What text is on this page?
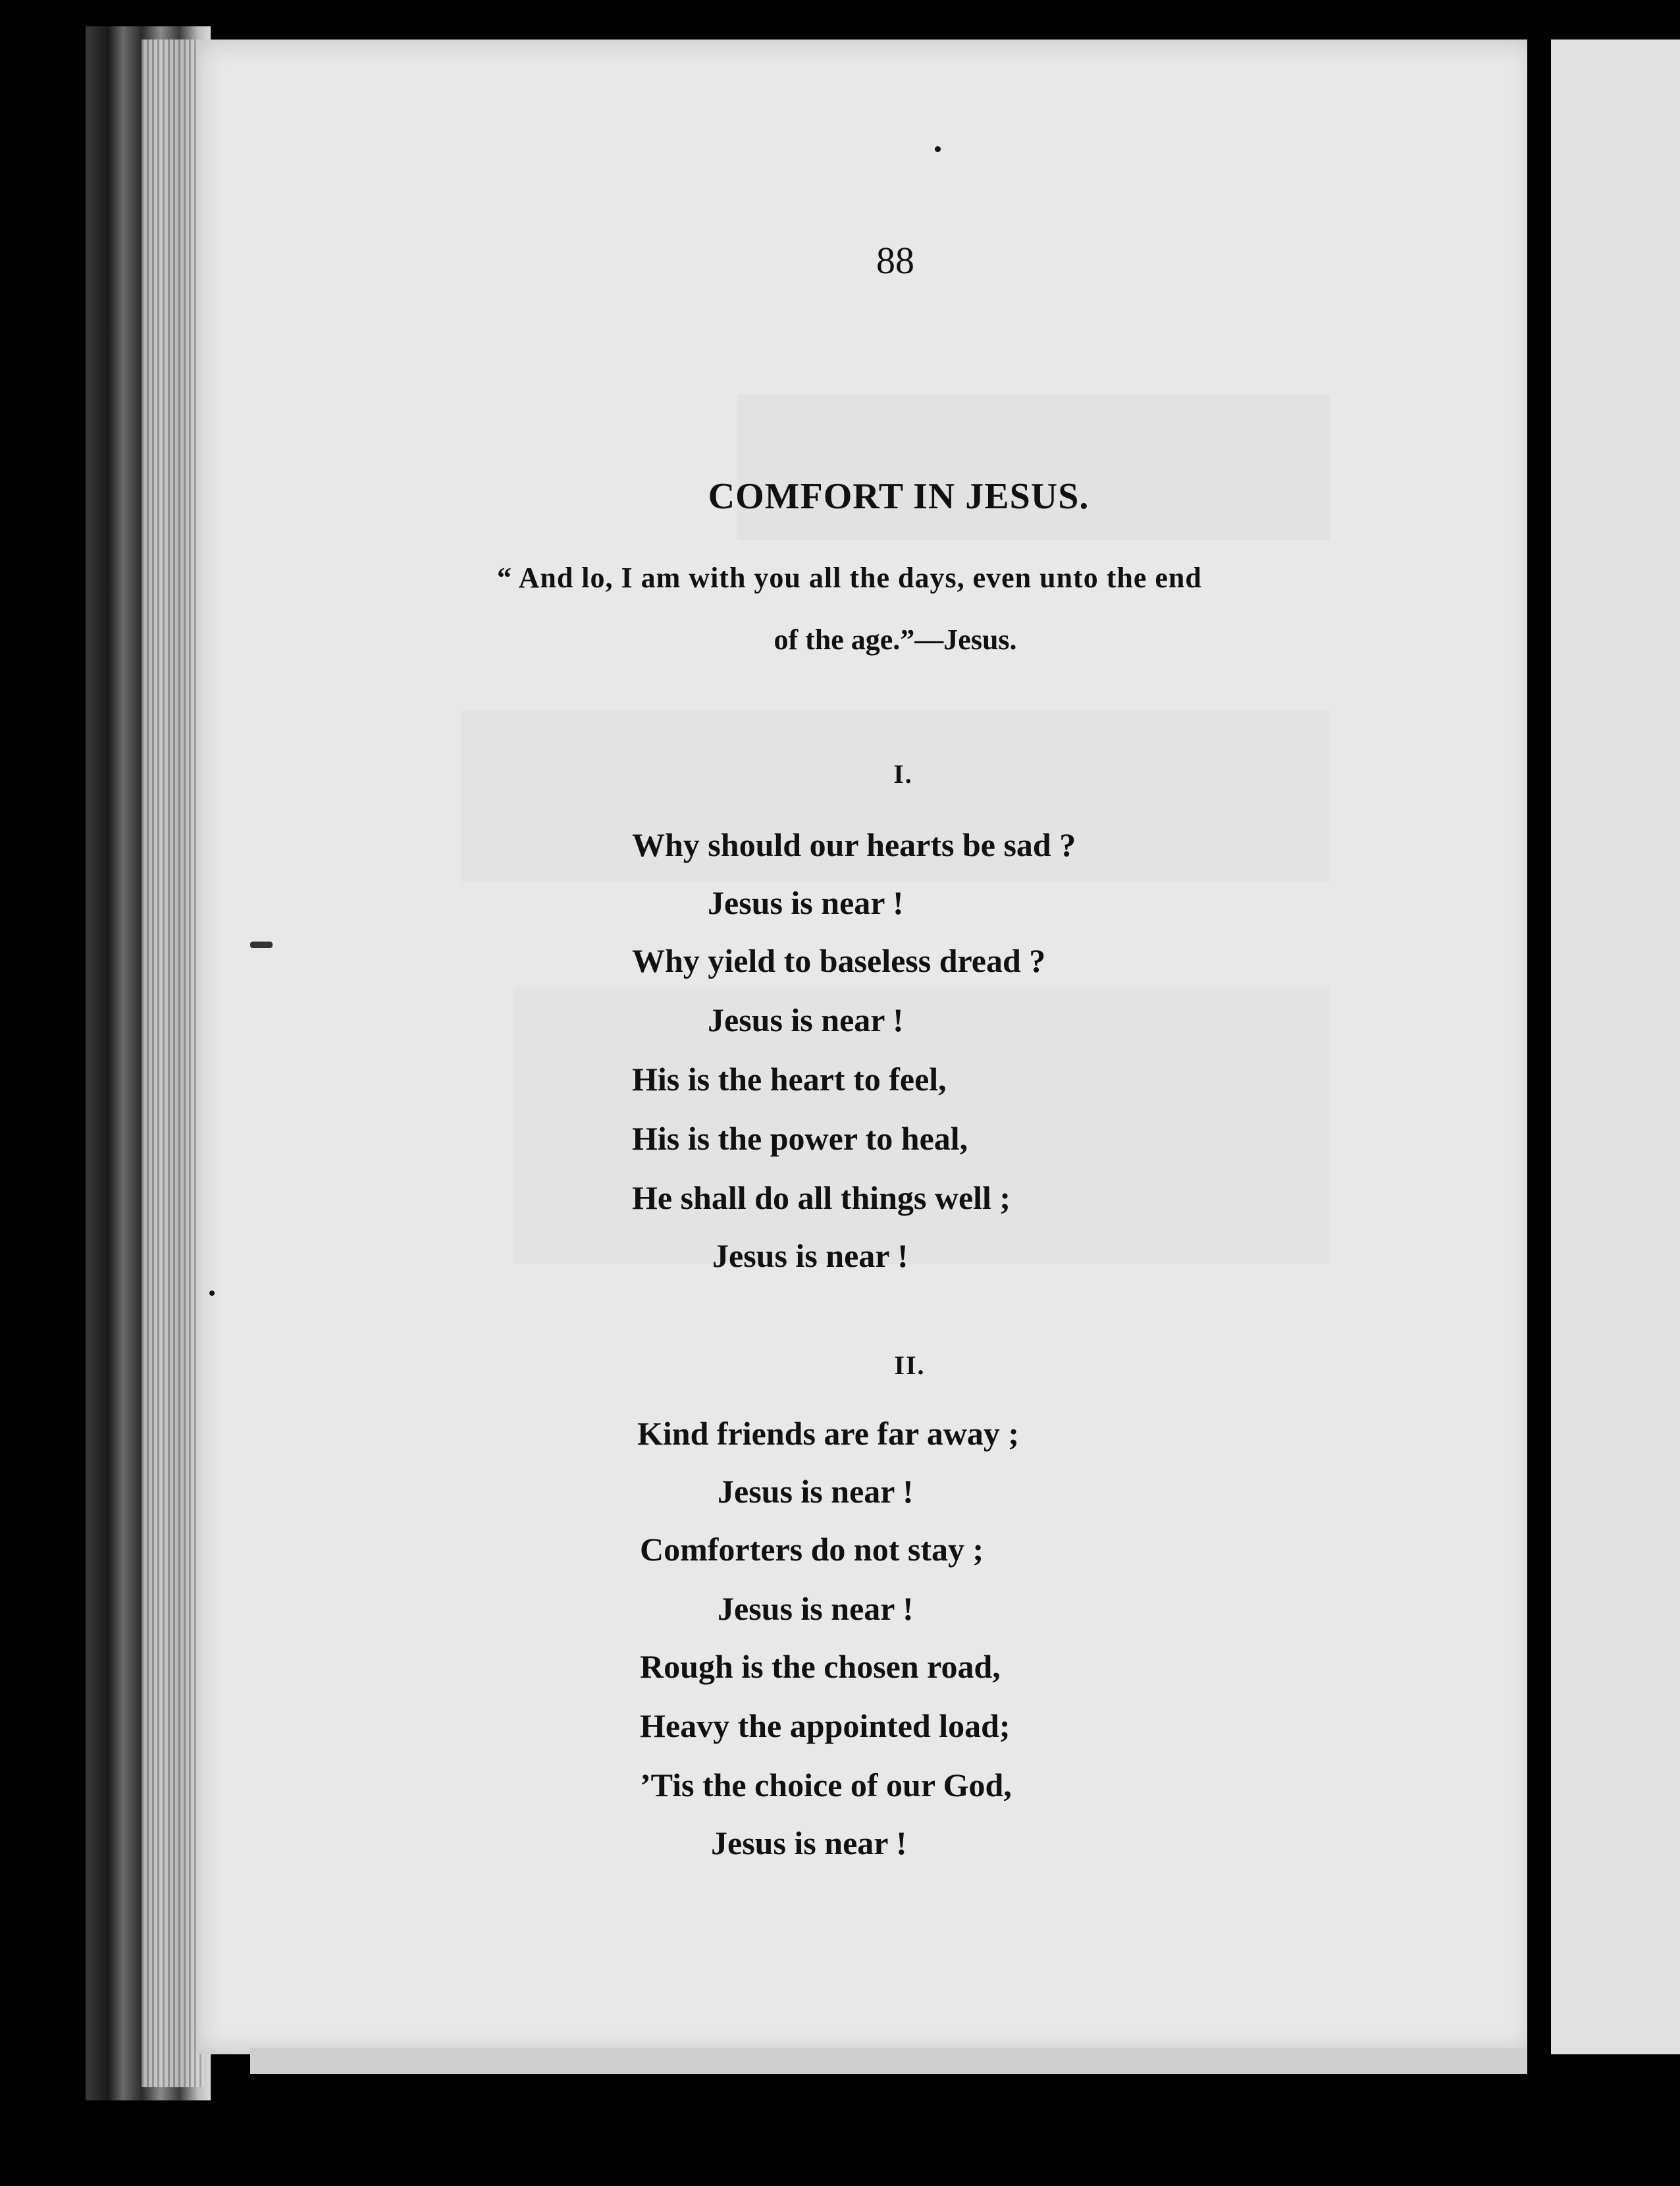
88
COMFORT IN JESUS.
“ And lo, I am with you all the days, even unto the end
of the age.”—Jesus.
I.
Why should our hearts be sad ?
Jesus is near !
Why yield to baseless dread ?
Jesus is near !
His is the heart to feel,
His is the power to heal,
He shall do all things well ;
Jesus is near !
II.
Kind friends are far away ;
Jesus is near !
Comforters do not stay ;
Jesus is near !
Rough is the chosen road,
Heavy the appointed load;
’Tis the choice of our God,
Jesus is near !
